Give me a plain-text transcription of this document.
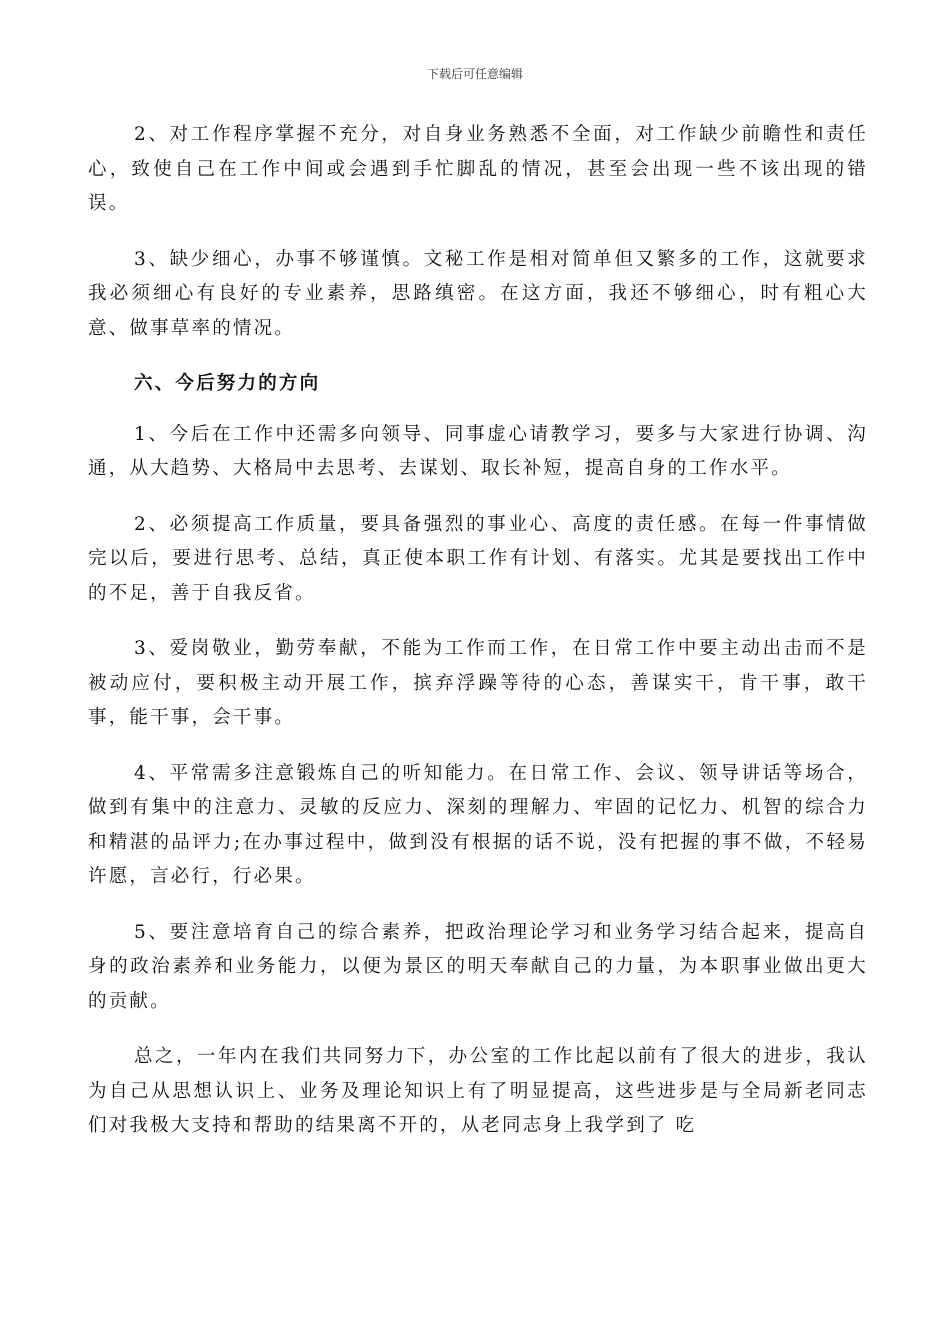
下载后可任意编辑

2、对工作程序掌握不充分，对自身业务熟悉不全面，对工作缺少前瞻性和责任心，致使自己在工作中间或会遇到手忙脚乱的情况，甚至会出现一些不该出现的错误。

3、缺少细心，办事不够谨慎。文秘工作是相对简单但又繁多的工作，这就要求我必须细心有良好的专业素养，思路缜密。在这方面，我还不够细心，时有粗心大意、做事草率的情况。

六、今后努力的方向

1、今后在工作中还需多向领导、同事虚心请教学习，要多与大家进行协调、沟通，从大趋势、大格局中去思考、去谋划、取长补短，提高自身的工作水平。

2、必须提高工作质量，要具备强烈的事业心、高度的责任感。在每一件事情做完以后，要进行思考、总结，真正使本职工作有计划、有落实。尤其是要找出工作中的不足，善于自我反省。

3、爱岗敬业，勤劳奉献，不能为工作而工作，在日常工作中要主动出击而不是被动应付，要积极主动开展工作，摈弃浮躁等待的心态，善谋实干，肯干事，敢干事，能干事，会干事。

4、平常需多注意锻炼自己的听知能力。在日常工作、会议、领导讲话等场合，做到有集中的注意力、灵敏的反应力、深刻的理解力、牢固的记忆力、机智的综合力和精湛的品评力;在办事过程中，做到没有根据的话不说，没有把握的事不做，不轻易许愿，言必行，行必果。

5、要注意培育自己的综合素养，把政治理论学习和业务学习结合起来，提高自身的政治素养和业务能力，以便为景区的明天奉献自己的力量，为本职事业做出更大的贡献。

总之，一年内在我们共同努力下，办公室的工作比起以前有了很大的进步，我认为自己从思想认识上、业务及理论知识上有了明显提高，这些进步是与全局新老同志们对我极大支持和帮助的结果离不开的，从老同志身上我学到了 吃
